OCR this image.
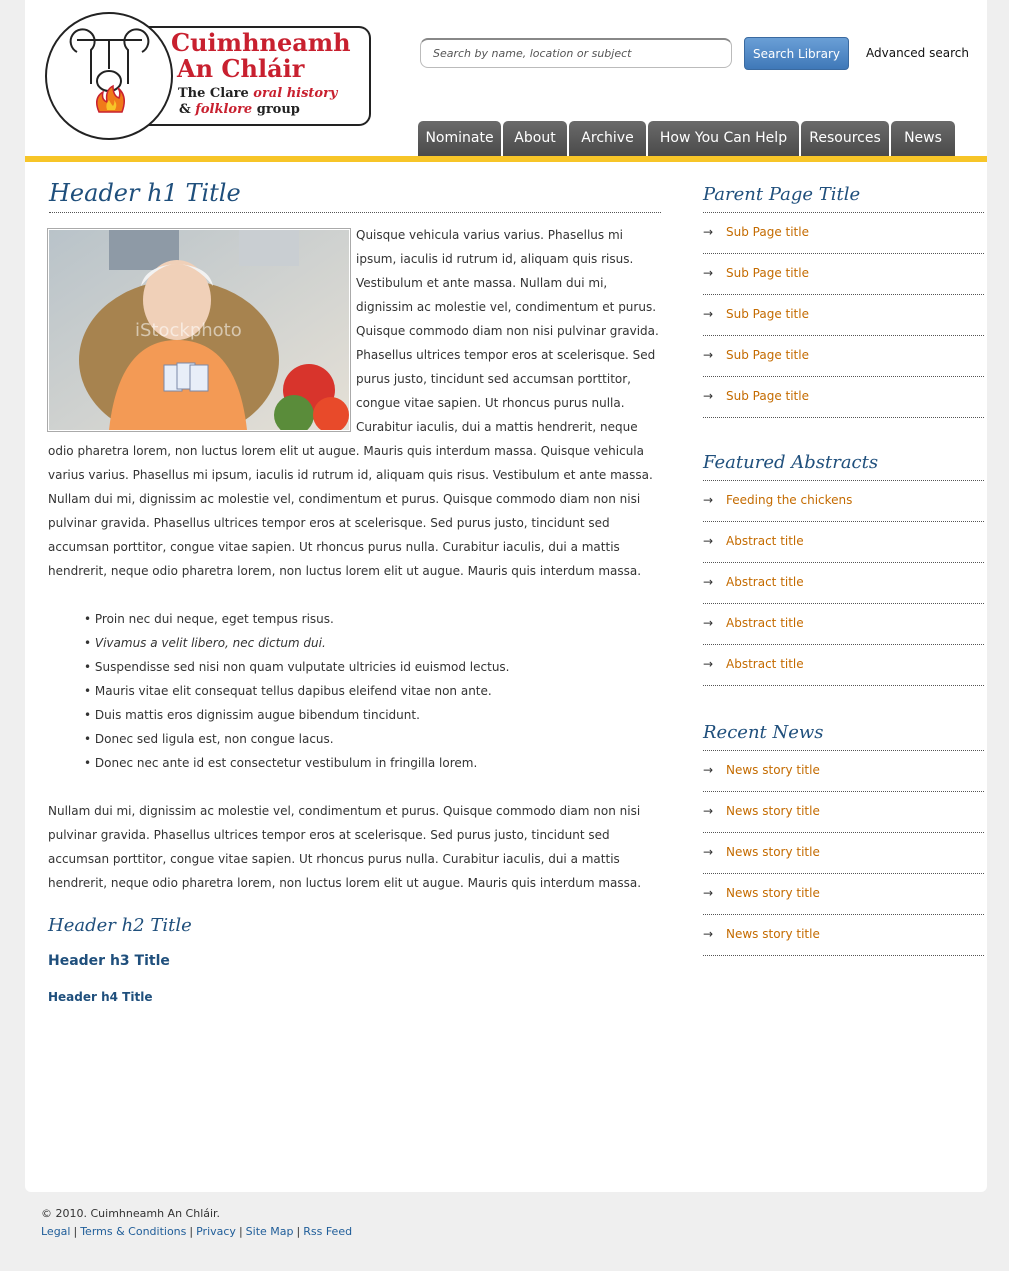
Cuimhneamh
An Chláir
The Clare oral history
& folklore group
Search by name, location or subject
Search Library	Advanced search
Nominate	About	Archive	How You Can Help	Resources	News
Header h1 Title

Quisque vehicula varius varius. Phasellus mi ipsum, iaculis id rutrum id, aliquam quis risus. Vestibulum et ante massa. Nullam dui mi, dignissim ac molestie vel, condimentum et purus. Quisque commodo diam non nisi pulvinar gravida. Phasellus ultrices tempor eros at scelerisque. Sed purus justo, tincidunt sed accumsan porttitor, congue vitae sapien. Ut rhoncus purus nulla. Curabitur iaculis, dui a mattis hendrerit, neque odio pharetra lorem, non luctus lorem elit ut augue. Mauris quis interdum massa. Quisque vehicula varius varius. Phasellus mi ipsum, iaculis id rutrum id, aliquam quis risus. Vestibulum et ante massa. Nullam dui mi, dignissim ac molestie vel, condimentum et purus. Quisque commodo diam non nisi pulvinar gravida. Phasellus ultrices tempor eros at scelerisque. Sed purus justo, tincidunt sed accumsan porttitor, congue vitae sapien. Ut rhoncus purus nulla. Curabitur iaculis, dui a mattis hendrerit, neque odio pharetra lorem, non luctus lorem elit ut augue. Mauris quis interdum massa.

• Proin nec dui neque, eget tempus risus.
• Vivamus a velit libero, nec dictum dui.
• Suspendisse sed nisi non quam vulputate ultricies id euismod lectus.
• Mauris vitae elit consequat tellus dapibus eleifend vitae non ante.
• Duis mattis eros dignissim augue bibendum tincidunt.
• Donec sed ligula est, non congue lacus.
• Donec nec ante id est consectetur vestibulum in fringilla lorem.

Nullam dui mi, dignissim ac molestie vel, condimentum et purus. Quisque commodo diam non nisi pulvinar gravida. Phasellus ultrices tempor eros at scelerisque. Sed purus justo, tincidunt sed accumsan porttitor, congue vitae sapien. Ut rhoncus purus nulla. Curabitur iaculis, dui a mattis hendrerit, neque odio pharetra lorem, non luctus lorem elit ut augue. Mauris quis interdum massa.

Header h2 Title
Header h3 Title
Header h4 Title
iStockphoto
Parent Page Title
→ Sub Page title
→ Sub Page title
→ Sub Page title
→ Sub Page title
→ Sub Page title
Featured Abstracts
→ Feeding the chickens
→ Abstract title
→ Abstract title
→ Abstract title
→ Abstract title
Recent News
→ News story title
→ News story title
→ News story title
→ News story title
→ News story title
© 2010. Cuimhneamh An Chláir.
Legal | Terms & Conditions | Privacy | Site Map | Rss Feed
